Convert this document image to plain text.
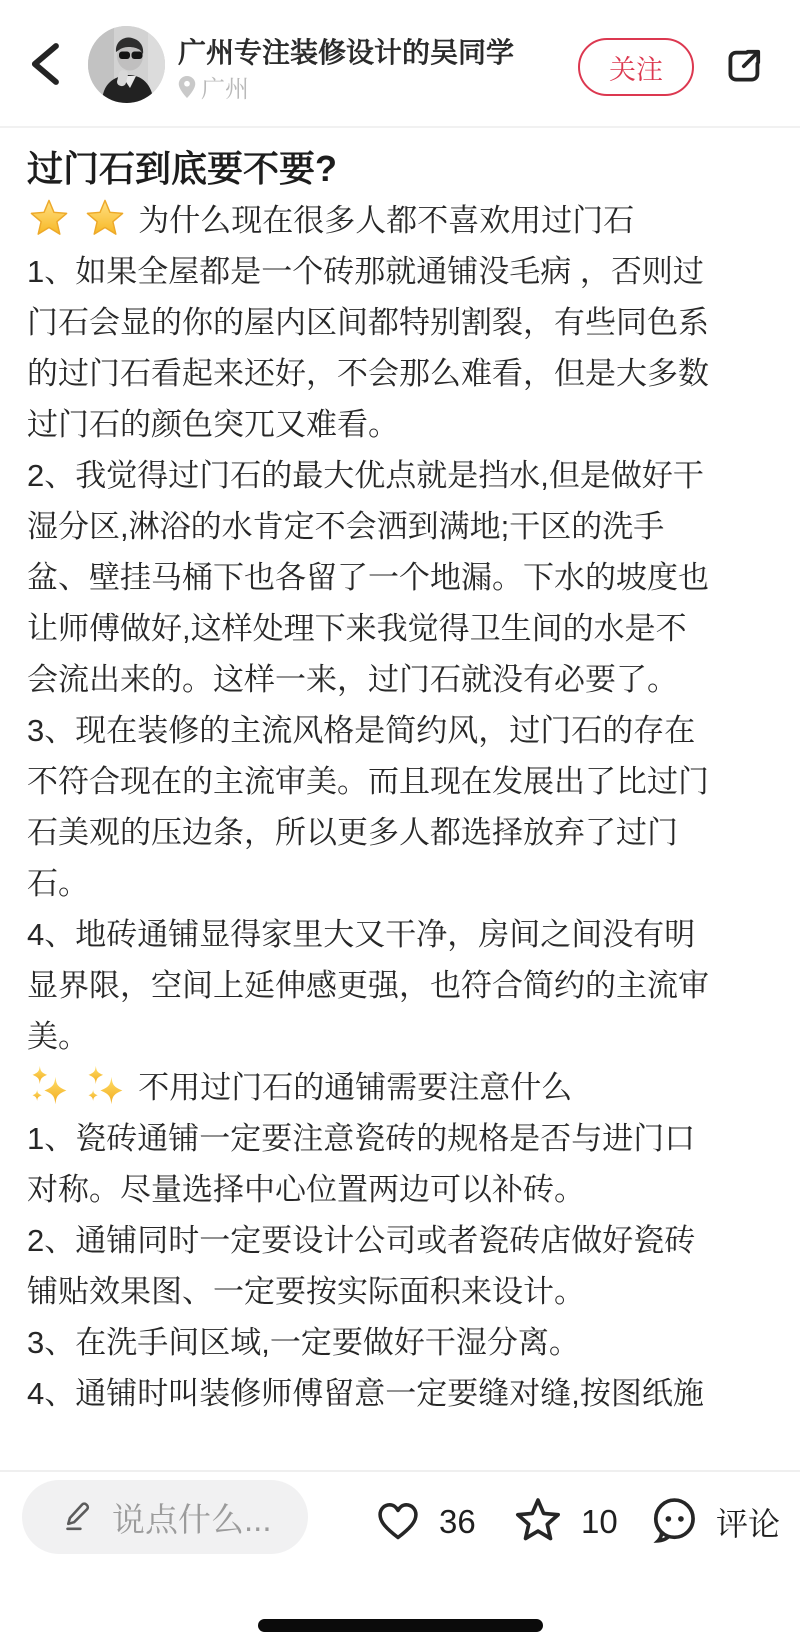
广州专注装修设计的吴同学
广州
关注
过门石到底要不要?
为什么现在很多人都不喜欢用过门石
1、如果全屋都是一个砖那就通铺没毛病 ，否则过
门石会显的你的屋内区间都特别割裂，有些同色系
的过门石看起来还好，不会那么难看，但是大多数
过门石的颜色突兀又难看。
2、我觉得过门石的最大优点就是挡水,但是做好干
湿分区,淋浴的水肯定不会洒到满地;干区的洗手
盆、壁挂马桶下也各留了一个地漏。下水的坡度也
让师傅做好,这样处理下来我觉得卫生间的水是不
会流出来的。这样一来，过门石就没有必要了。
3、现在装修的主流风格是简约风，过门石的存在
不符合现在的主流审美。而且现在发展出了比过门
石美观的压边条，所以更多人都选择放弃了过门
石。
4、地砖通铺显得家里大又干净，房间之间没有明
显界限，空间上延伸感更强，也符合简约的主流审
美。
不用过门石的通铺需要注意什么
1、瓷砖通铺一定要注意瓷砖的规格是否与进门口
对称。尽量选择中心位置两边可以补砖。
2、通铺同时一定要设计公司或者瓷砖店做好瓷砖
铺贴效果图、一定要按实际面积来设计。
3、在洗手间区域,一定要做好干湿分离。
4、通铺时叫装修师傅留意一定要缝对缝,按图纸施
说点什么...	36	10	评论
